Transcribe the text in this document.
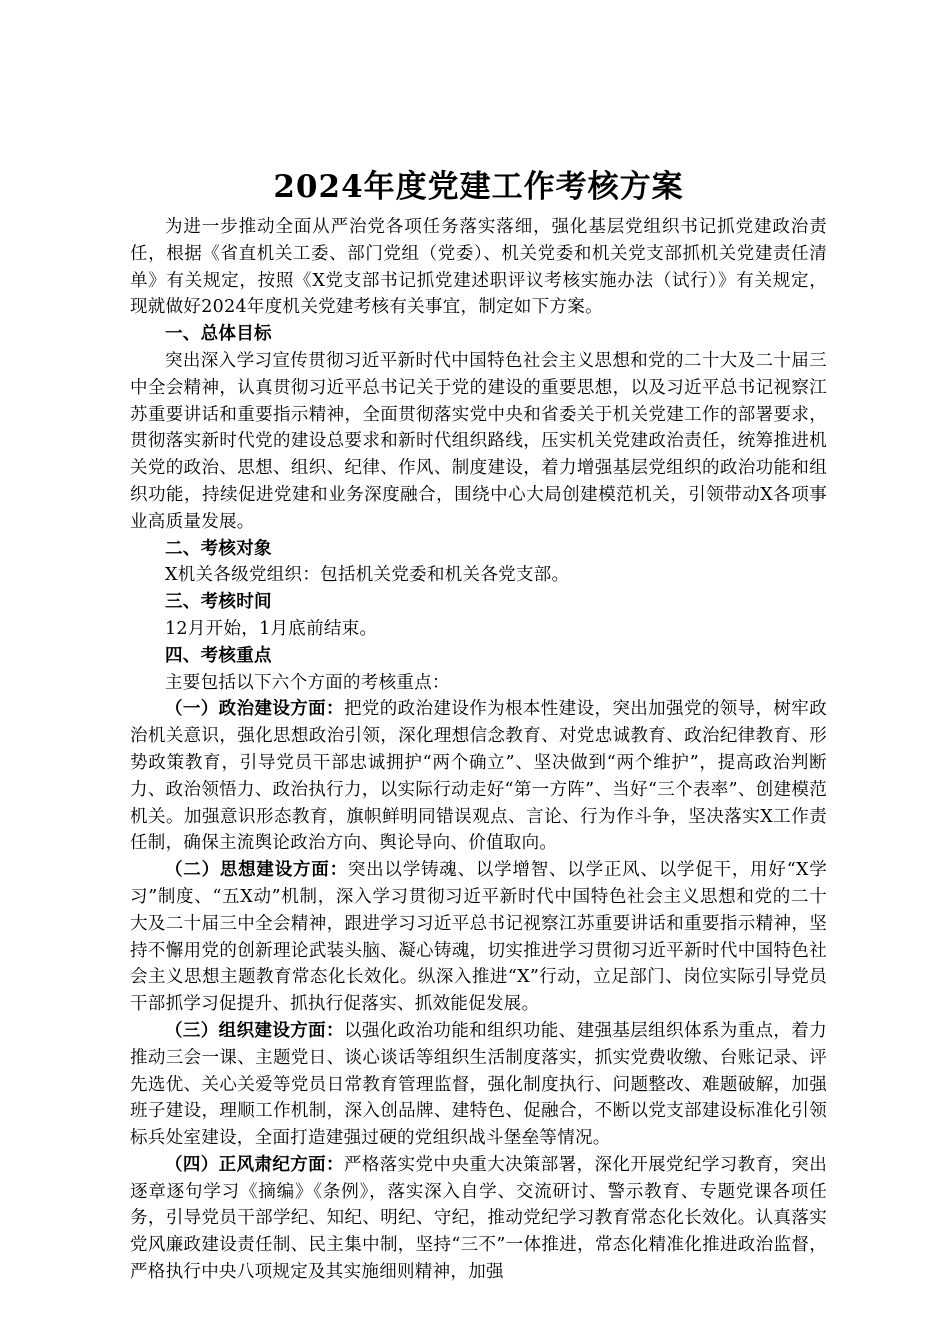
2024年度党建工作考核方案

为进一步推动全面从严治党各项任务落实落细，强化基层党组织书记抓党建政治责任，根据《省直机关工委、部门党组（党委）、机关党委和机关党支部抓机关党建责任清单》有关规定，按照《X党支部书记抓党建述职评议考核实施办法（试行）》有关规定，现就做好2024年度机关党建考核有关事宜，制定如下方案。

一、总体目标

突出深入学习宣传贯彻习近平新时代中国特色社会主义思想和党的二十大及二十届三中全会精神，认真贯彻习近平总书记关于党的建设的重要思想，以及习近平总书记视察江苏重要讲话和重要指示精神，全面贯彻落实党中央和省委关于机关党建工作的部署要求，贯彻落实新时代党的建设总要求和新时代组织路线，压实机关党建政治责任，统筹推进机关党的政治、思想、组织、纪律、作风、制度建设，着力增强基层党组织的政治功能和组织功能，持续促进党建和业务深度融合，围绕中心大局创建模范机关，引领带动X各项事业高质量发展。

二、考核对象

X机关各级党组织：包括机关党委和机关各党支部。

三、考核时间

12月开始，1月底前结束。

四、考核重点

主要包括以下六个方面的考核重点：

（一）政治建设方面：把党的政治建设作为根本性建设，突出加强党的领导，树牢政治机关意识，强化思想政治引领，深化理想信念教育、对党忠诚教育、政治纪律教育、形势政策教育，引导党员干部忠诚拥护“两个确立”、坚决做到“两个维护”，提高政治判断力、政治领悟力、政治执行力，以实际行动走好“第一方阵”、当好“三个表率”、创建模范机关。加强意识形态教育，旗帜鲜明同错误观点、言论、行为作斗争，坚决落实X工作责任制，确保主流舆论政治方向、舆论导向、价值取向。

（二）思想建设方面：突出以学铸魂、以学增智、以学正风、以学促干，用好“X学习”制度、“五X动”机制，深入学习贯彻习近平新时代中国特色社会主义思想和党的二十大及二十届三中全会精神，跟进学习习近平总书记视察江苏重要讲话和重要指示精神，坚持不懈用党的创新理论武装头脑、凝心铸魂，切实推进学习贯彻习近平新时代中国特色社会主义思想主题教育常态化长效化。纵深入推进“X”行动，立足部门、岗位实际引导党员干部抓学习促提升、抓执行促落实、抓效能促发展。

（三）组织建设方面：以强化政治功能和组织功能、建强基层组织体系为重点，着力推动三会一课、主题党日、谈心谈话等组织生活制度落实，抓实党费收缴、台账记录、评先选优、关心关爱等党员日常教育管理监督，强化制度执行、问题整改、难题破解，加强班子建设，理顺工作机制，深入创品牌、建特色、促融合，不断以党支部建设标准化引领标兵处室建设，全面打造建强过硬的党组织战斗堡垒等情况。

（四）正风肃纪方面：严格落实党中央重大决策部署，深化开展党纪学习教育，突出逐章逐句学习《摘编》《条例》，落实深入自学、交流研讨、警示教育、专题党课各项任务，引导党员干部学纪、知纪、明纪、守纪，推动党纪学习教育常态化长效化。认真落实党风廉政建设责任制、民主集中制，坚持“三不”一体推进，常态化精准化推进政治监督，严格执行中央八项规定及其实施细则精神，加强
